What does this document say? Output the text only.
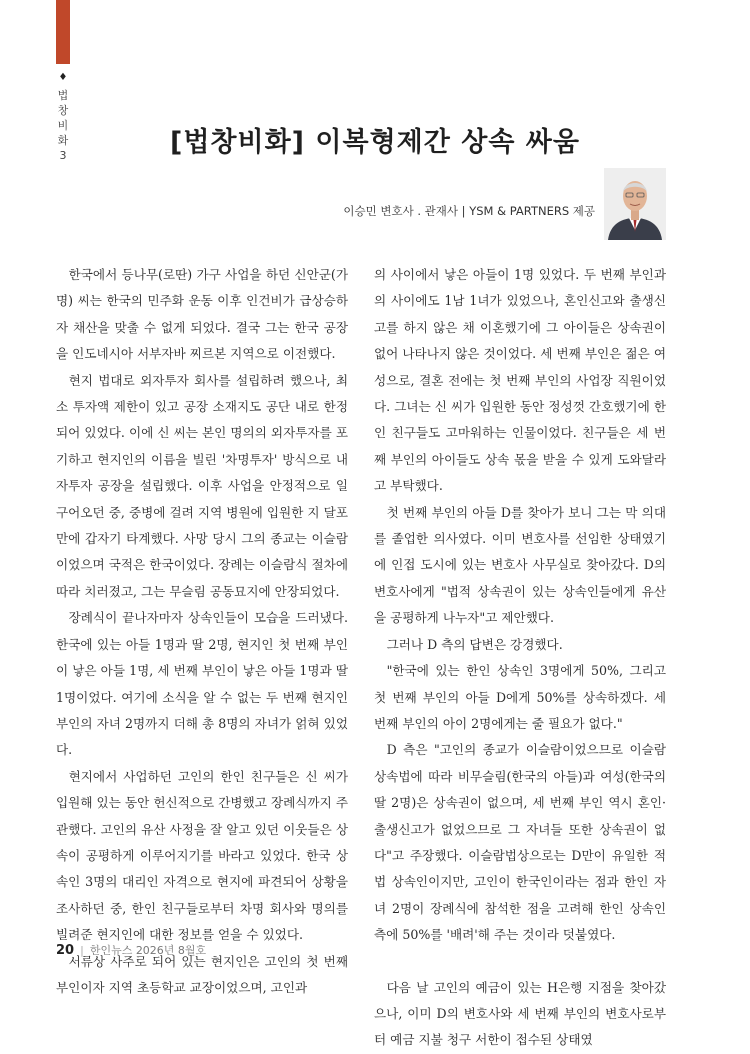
♦
법창비화3	[법창비화] 이복형제간 상속 싸움
이승민 변호사 . 관재사 | YSM & PARTNERS 제공

한국에서 등나무(로딴) 가구 사업을 하던 신안군(가명) 씨는 한국의 민주화 운동 이후 인건비가 급상승하자 채산을 맞출 수 없게 되었다. 결국 그는 한국 공장을 인도네시아 서부자바 찌르본 지역으로 이전했다.

현지 법대로 외자투자 회사를 설립하려 했으나, 최소 투자액 제한이 있고 공장 소재지도 공단 내로 한정되어 있었다. 이에 신 씨는 본인 명의의 외자투자를 포기하고 현지인의 이름을 빌린 '차명투자' 방식으로 내자투자 공장을 설립했다. 이후 사업을 안정적으로 일구어오던 중, 중병에 걸려 지역 병원에 입원한 지 달포 만에 갑자기 타계했다. 사망 당시 그의 종교는 이슬람이었으며 국적은 한국이었다. 장례는 이슬람식 절차에 따라 치러졌고, 그는 무슬림 공동묘지에 안장되었다.

장례식이 끝나자마자 상속인들이 모습을 드러냈다. 한국에 있는 아들 1명과 딸 2명, 현지인 첫 번째 부인이 낳은 아들 1명, 세 번째 부인이 낳은 아들 1명과 딸 1명이었다. 여기에 소식을 알 수 없는 두 번째 현지인 부인의 자녀 2명까지 더해 총 8명의 자녀가 얽혀 있었다.

현지에서 사업하던 고인의 한인 친구들은 신 씨가 입원해 있는 동안 헌신적으로 간병했고 장례식까지 주관했다. 고인의 유산 사정을 잘 알고 있던 이웃들은 상속이 공평하게 이루어지기를 바라고 있었다. 한국 상속인 3명의 대리인 자격으로 현지에 파견되어 상황을 조사하던 중, 한인 친구들로부터 차명 회사와 명의를 빌려준 현지인에 대한 정보를 얻을 수 있었다.

서류상 사주로 되어 있는 현지인은 고인의 첫 번째 부인이자 지역 초등학교 교장이었으며, 고인과

의 사이에서 낳은 아들이 1명 있었다. 두 번째 부인과의 사이에도 1남 1녀가 있었으나, 혼인신고와 출생신고를 하지 않은 채 이혼했기에 그 아이들은 상속권이 없어 나타나지 않은 것이었다. 세 번째 부인은 젊은 여성으로, 결혼 전에는 첫 번째 부인의 사업장 직원이었다. 그녀는 신 씨가 입원한 동안 정성껏 간호했기에 한인 친구들도 고마워하는 인물이었다. 친구들은 세 번째 부인의 아이들도 상속 몫을 받을 수 있게 도와달라고 부탁했다.

첫 번째 부인의 아들 D를 찾아가 보니 그는 막 의대를 졸업한 의사였다. 이미 변호사를 선임한 상태였기에 인접 도시에 있는 변호사 사무실로 찾아갔다. D의 변호사에게 "법적 상속권이 있는 상속인들에게 유산을 공평하게 나누자"고 제안했다.

그러나 D 측의 답변은 강경했다.

"한국에 있는 한인 상속인 3명에게 50%, 그리고 첫 번째 부인의 아들 D에게 50%를 상속하겠다. 세 번째 부인의 아이 2명에게는 줄 필요가 없다."

D 측은 "고인의 종교가 이슬람이었으므로 이슬람 상속법에 따라 비무슬림(한국의 아들)과 여성(한국의 딸 2명)은 상속권이 없으며, 세 번째 부인 역시 혼인·출생신고가 없었으므로 그 자녀들 또한 상속권이 없다"고 주장했다. 이슬람법상으로는 D만이 유일한 적법 상속인이지만, 고인이 한국인이라는 점과 한인 자녀 2명이 장례식에 참석한 점을 고려해 한인 상속인 측에 50%를 '배려'해 주는 것이라 덧붙였다.

다음 날 고인의 예금이 있는 H은행 지점을 찾아갔으나, 이미 D의 변호사와 세 번째 부인의 변호사로부터 예금 지불 청구 서한이 접수된 상태였

20 | 한인뉴스 2026년 8월호
